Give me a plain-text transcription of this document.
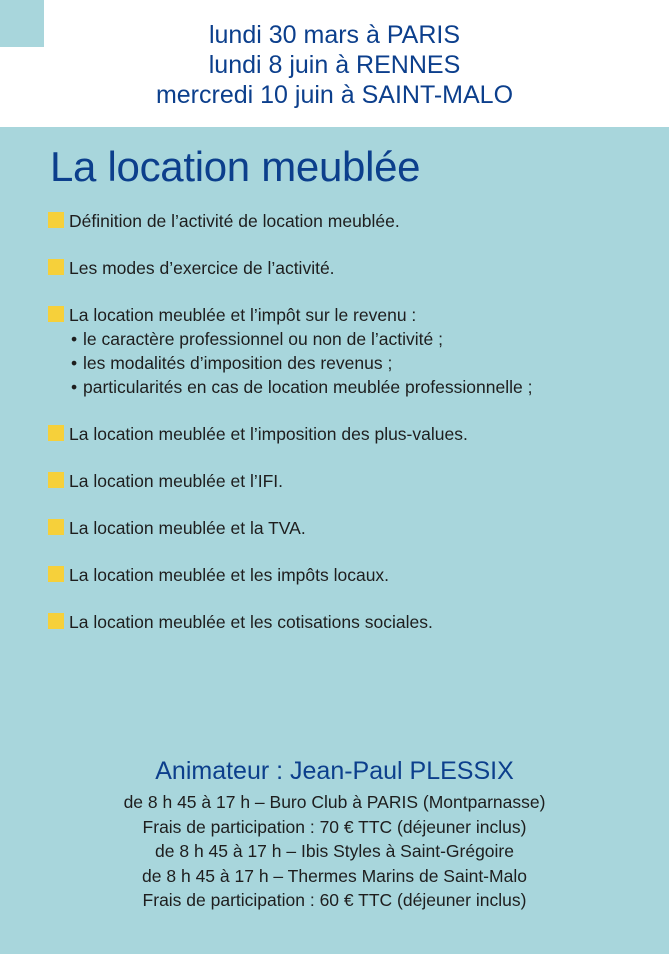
lundi 30 mars à PARIS
lundi 8 juin à RENNES
mercredi 10 juin à SAINT-MALO
La location meublée
Définition de l’activité de location meublée.
Les modes d’exercice de l’activité.
La location meublée et l’impôt sur le revenu :
• le caractère professionnel ou non de l’activité ;
• les modalités d’imposition des revenus ;
• particularités en cas de location meublée professionnelle ;
La location meublée et l’imposition des plus-values.
La location meublée et l’IFI.
La location meublée et la TVA.
La location meublée et les impôts locaux.
La location meublée et les cotisations sociales.
Animateur : Jean-Paul PLESSIX
de 8 h 45 à 17 h – Buro Club à PARIS (Montparnasse)
Frais de participation : 70 € TTC (déjeuner inclus)
de 8 h 45 à 17 h – Ibis Styles à Saint-Grégoire
de 8 h 45 à 17 h – Thermes Marins de Saint-Malo
Frais de participation : 60 € TTC (déjeuner inclus)
